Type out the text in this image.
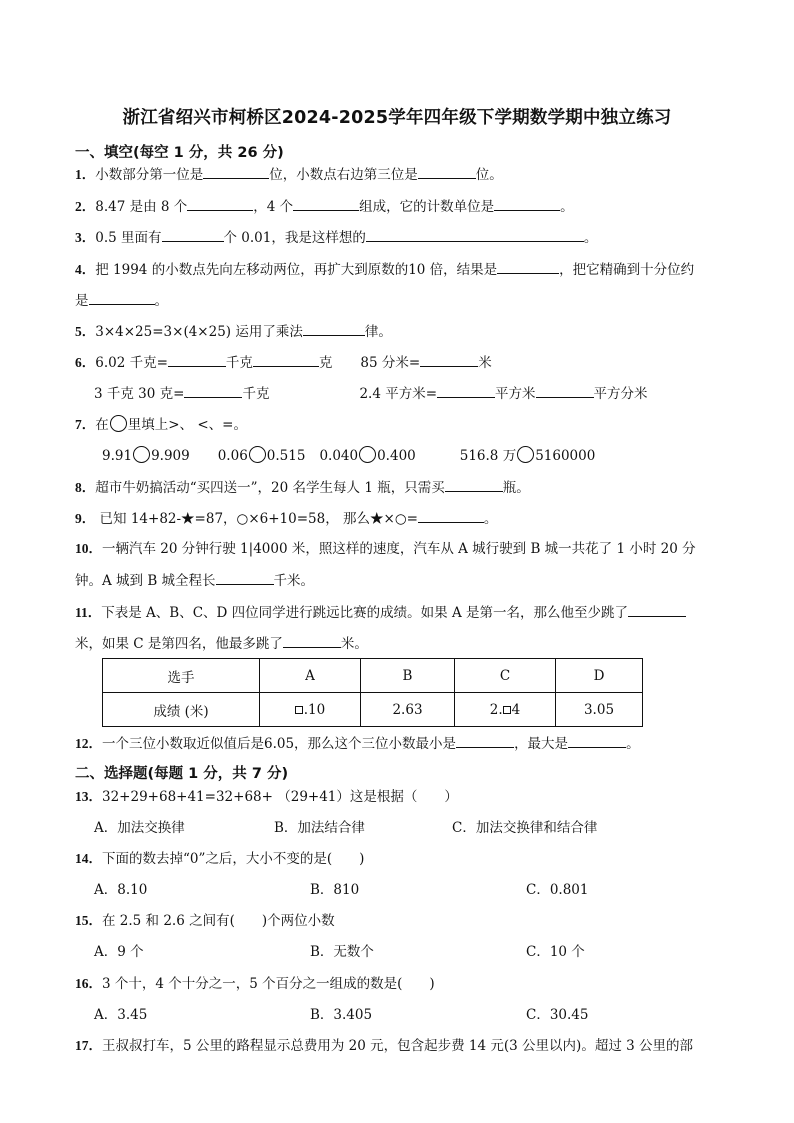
浙江省绍兴市柯桥区2024-2025学年四年级下学期数学期中独立练习
一、填空(每空 1 分，共 26 分)
1．小数部分第一位是	位，小数点右边第三位是	位。
2．8.47 是由 8 个	，4 个	组成，它的计数单位是	。
3．0.5 里面有	个 0.01，我是这样想的	。
4．把 1994 的小数点先向左移动两位，再扩大到原数的10 倍，结果是	，把它精确到十分位约
是	。
5．3×4×25=3×(4×25) 运用了乘法	律。
6．6.02 千克=	千克	克 85 分米=	米
3 千克 30 克=	千克	2.4 平方米=	平方米	平方分米
7．在 里填上>、 <、=。
9.91 9.909 0.06 0.515 0.040 0.400	516.8 万 5160000
8．超市牛奶搞活动“买四送一”，20 名学生每人 1 瓶，只需买	瓶。
9． 已知 14+82-★=87，○×6+10=58， 那么★×○=	。
10．一辆汽车 20 分钟行驶 1|4000 米，照这样的速度，汽车从 A 城行驶到 B 城一共花了 1 小时 20 分
钟。A 城到 B 城全程长	千米。
11．下表是 A、B、C、D 四位同学进行跳远比赛的成绩。如果 A 是第一名，那么他至少跳了
米，如果 C 是第四名，他最多跳了	米。
选手	A	B	C	D
成绩 (米)	.10	2.63	2. 4	3.05
12．一个三位小数取近似值后是6.05，那么这个三位小数最小是	，最大是	。
二、选择题(每题 1 分，共 7 分)
13．32+29+68+41=32+68+ （29+41）这是根据（　　）
A．加法交换律	B．加法结合律	C．加法交换律和结合律
14．下面的数去掉“0”之后，大小不变的是(　　)
A．8.10	B．810	C．0.801
15．在 2.5 和 2.6 之间有(　　)个两位小数
A．9 个	B．无数个	C．10 个
16．3 个十，4 个十分之一，5 个百分之一组成的数是(　　)
A．3.45	B．3.405	C．30.45
17．王叔叔打车，5 公里的路程显示总费用为 20 元，包含起步费 14 元(3 公里以内)。超过 3 公里的部
